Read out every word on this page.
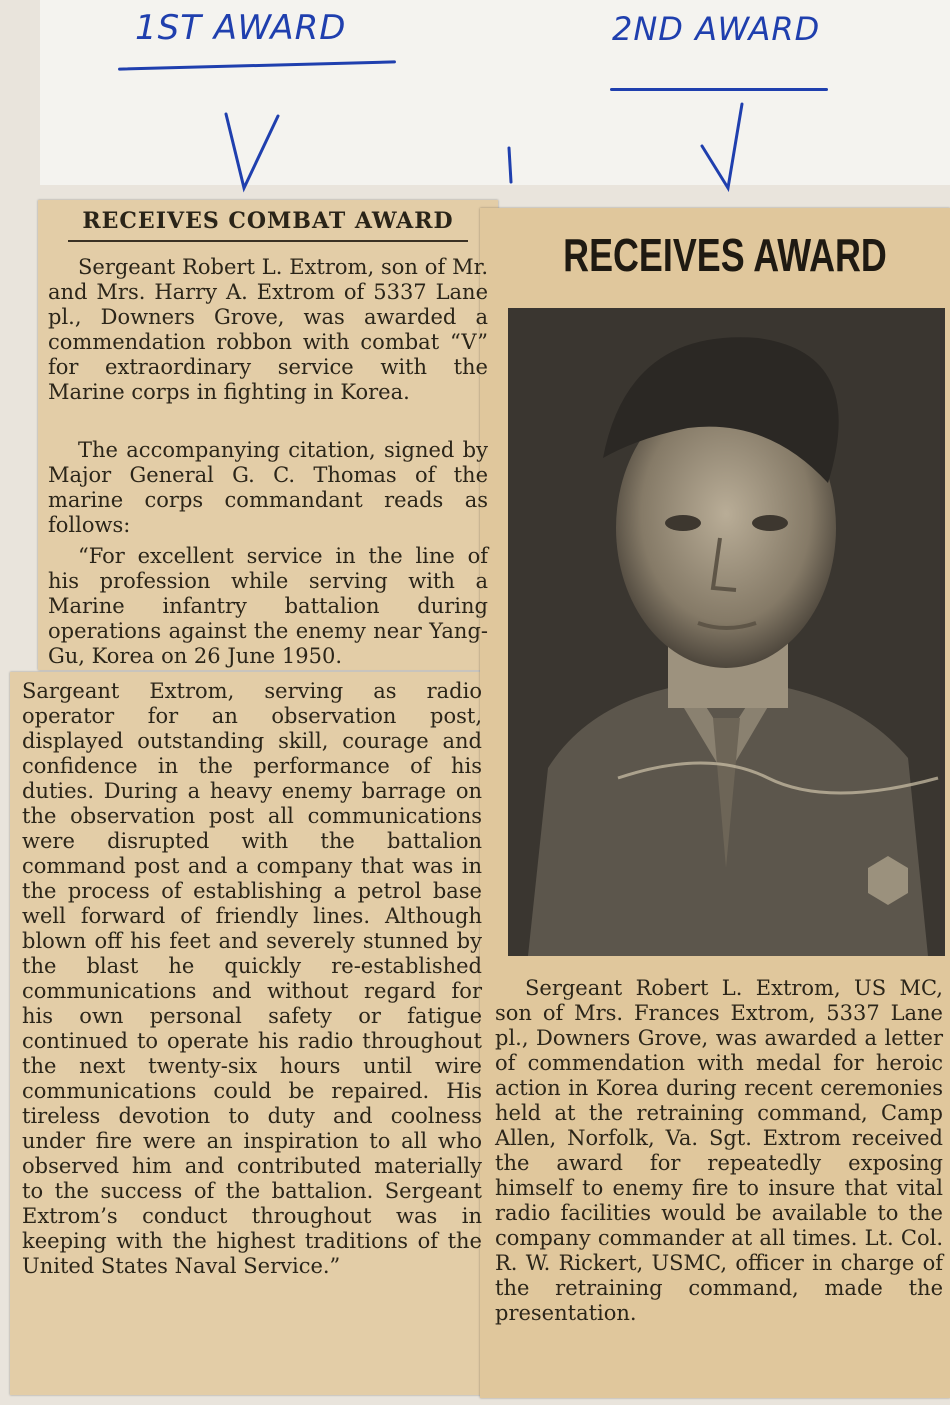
1ST AWARD	2ND AWARD
RECEIVES COMBAT AWARD

Sergeant Robert L. Extrom, son of Mr. and Mrs. Harry A. Extrom of 5337 Lane pl., Downers Grove, was awarded a commendation robbon with combat “V” for extraordinary service with the Marine corps in fighting in Korea.

The accompanying citation, signed by Major General G. C. Thomas of the marine corps commandant reads as follows:

“For excellent service in the line of his profession while serving with a Marine infantry battalion during operations against the enemy near Yang-Gu, Korea on 26 June 1950.

Sargeant Extrom, serving as radio operator for an observation post, displayed outstanding skill, courage and confidence in the performance of his duties. During a heavy enemy barrage on the observation post all communications were disrupted with the battalion command post and a company that was in the process of establishing a petrol base well forward of friendly lines. Although blown off his feet and severely stunned by the blast he quickly re-established communications and without regard for his own personal safety or fatigue continued to operate his radio throughout the next twenty-six hours until wire communications could be repaired. His tireless devotion to duty and coolness under fire were an inspiration to all who observed him and contributed materially to the success of the battalion. Sergeant Extrom’s conduct throughout was in keeping with the highest traditions of the United States Naval Service.”

RECEIVES AWARD

Sergeant Robert L. Extrom, US MC, son of Mrs. Frances Extrom, 5337 Lane pl., Downers Grove, was awarded a letter of commendation with medal for heroic action in Korea during recent ceremonies held at the retraining command, Camp Allen, Norfolk, Va. Sgt. Extrom received the award for repeatedly exposing himself to enemy fire to insure that vital radio facilities would be available to the company commander at all times. Lt. Col. R. W. Rickert, USMC, officer in charge of the retraining command, made the presentation.
